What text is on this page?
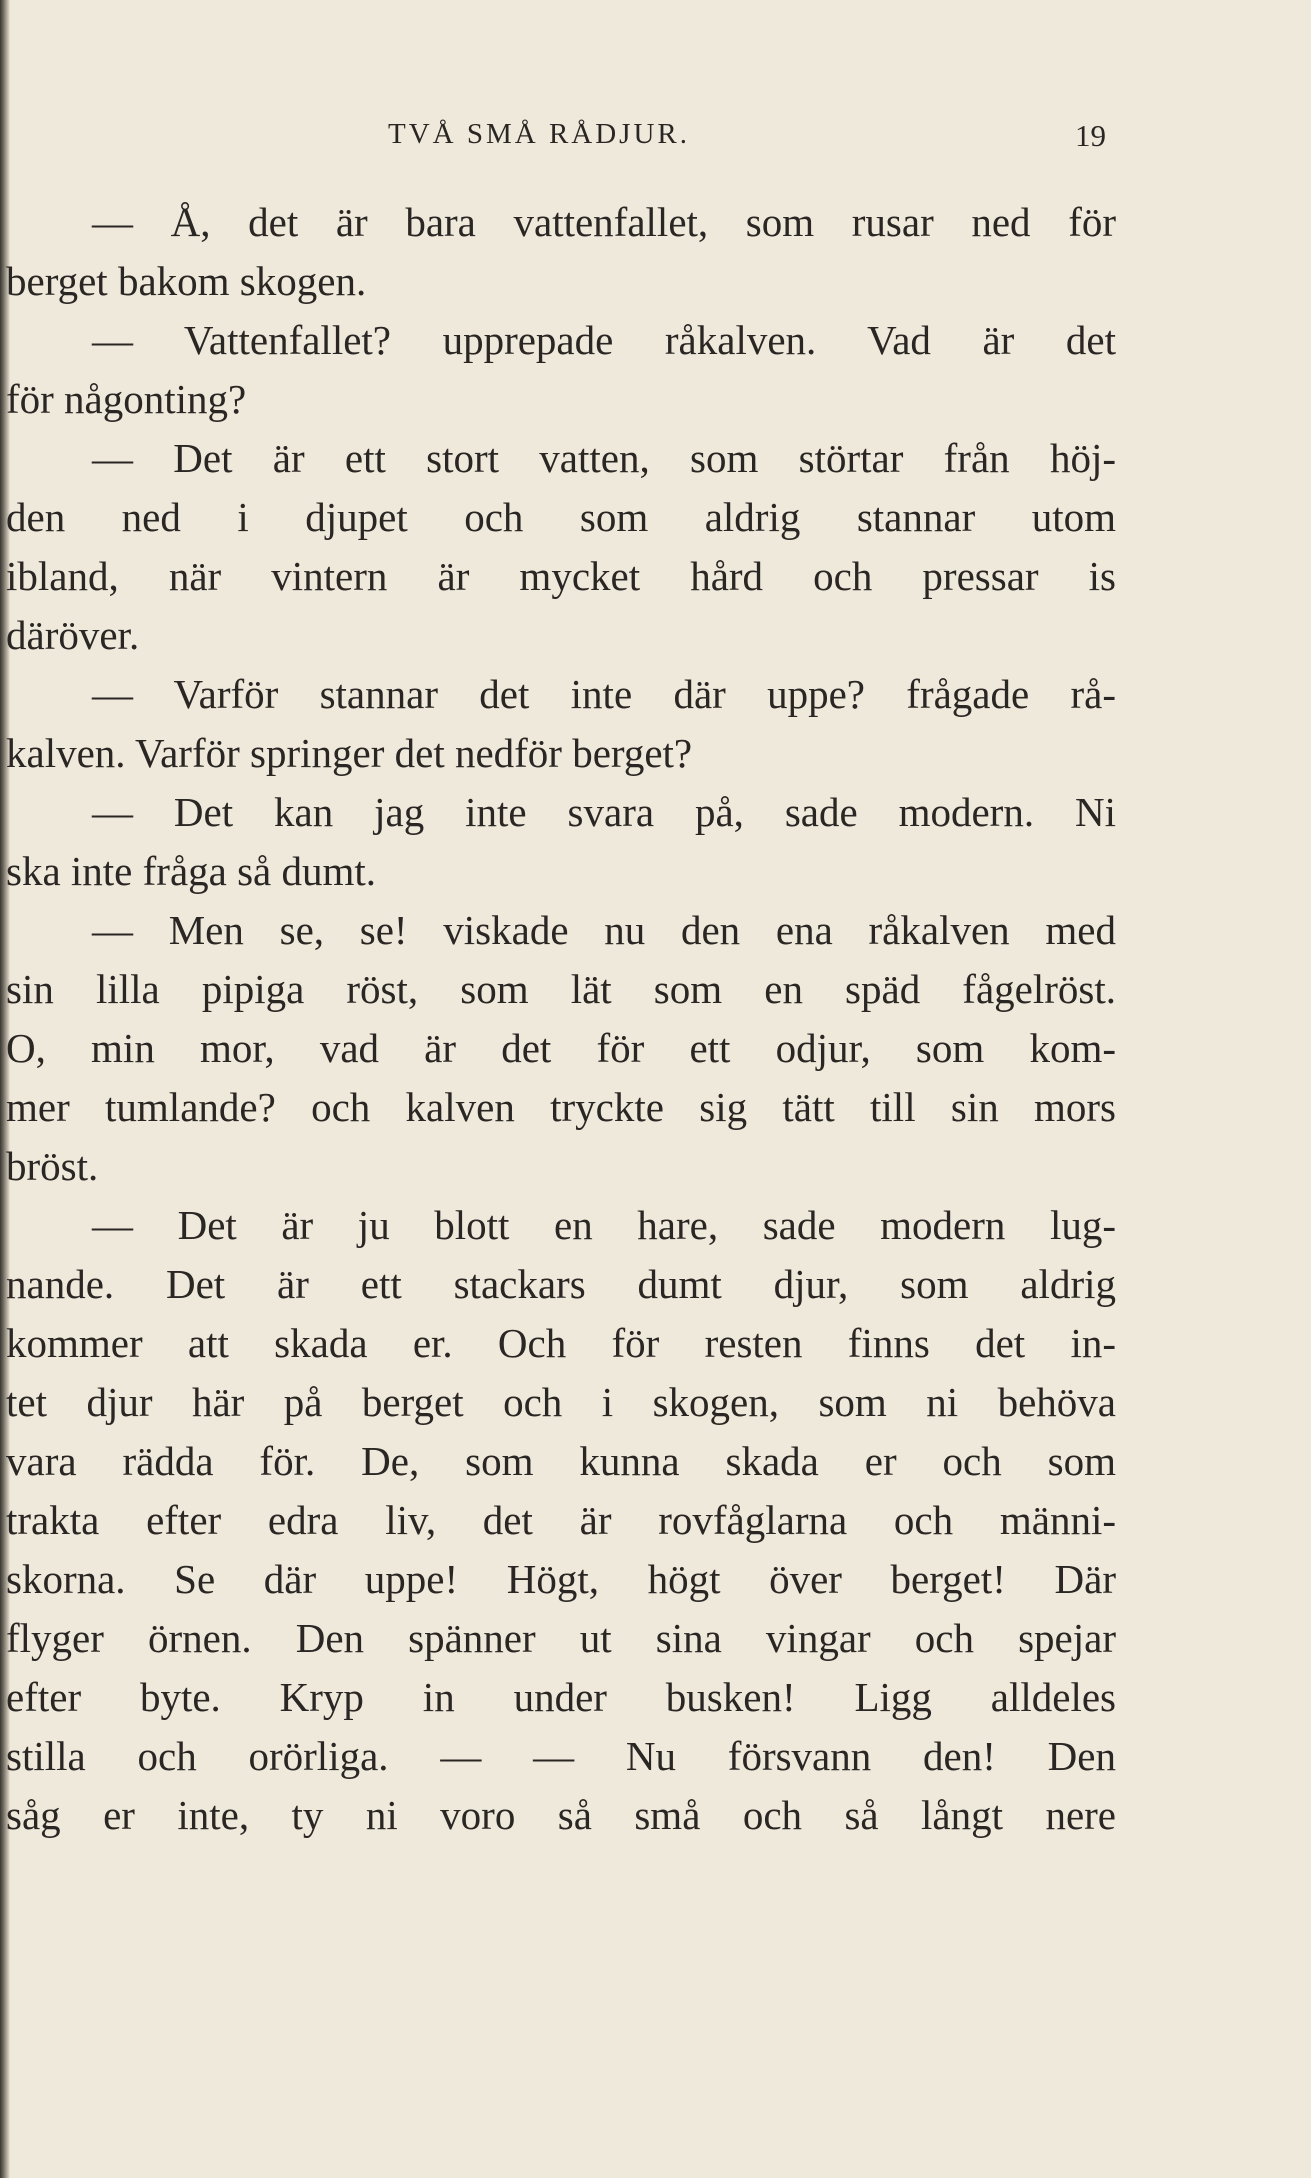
TVÅ SMÅ RÅDJUR.	19
— Å, det är bara vattenfallet, som rusar ned för
berget bakom skogen.
— Vattenfallet? upprepade råkalven. Vad är det
för någonting?
— Det är ett stort vatten, som störtar från höj-
den ned i djupet och som aldrig stannar utom
ibland, när vintern är mycket hård och pressar is
däröver.
— Varför stannar det inte där uppe? frågade rå-
kalven. Varför springer det nedför berget?
— Det kan jag inte svara på, sade modern. Ni
ska inte fråga så dumt.
— Men se, se! viskade nu den ena råkalven med
sin lilla pipiga röst, som lät som en späd fågelröst.
O, min mor, vad är det för ett odjur, som kom-
mer tumlande? och kalven tryckte sig tätt till sin mors
bröst.
— Det är ju blott en hare, sade modern lug-
nande. Det är ett stackars dumt djur, som aldrig
kommer att skada er. Och för resten finns det in-
tet djur här på berget och i skogen, som ni behöva
vara rädda för. De, som kunna skada er och som
trakta efter edra liv, det är rovfåglarna och männi-
skorna. Se där uppe! Högt, högt över berget! Där
flyger örnen. Den spänner ut sina vingar och spejar
efter byte. Kryp in under busken! Ligg alldeles
stilla och orörliga. — — Nu försvann den! Den
såg er inte, ty ni voro så små och så långt nere
